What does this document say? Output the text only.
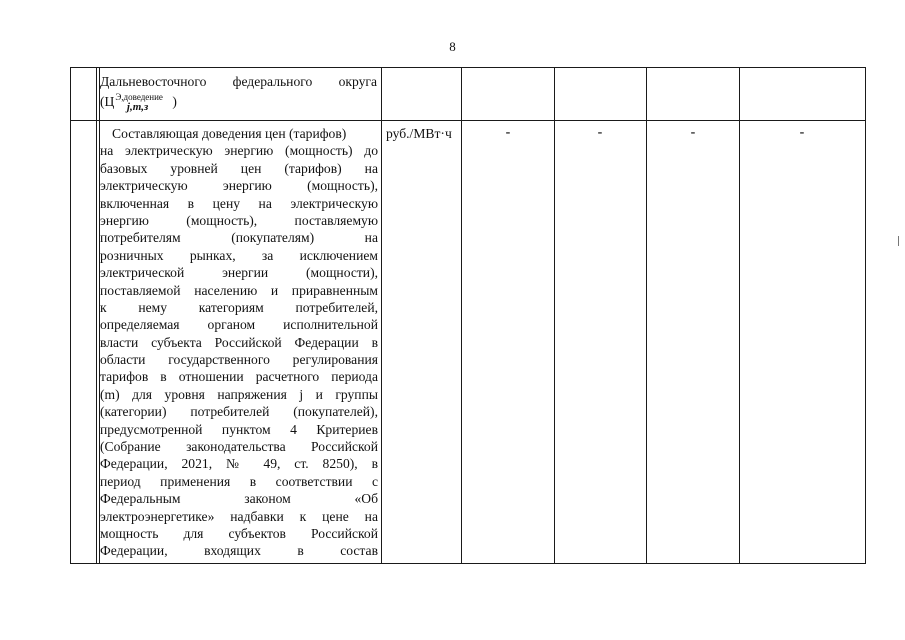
8
Дальневосточного федерального округа
($Ц^{Э,доведение}_{j,m,з}$ )
Составляющая доведения цен (тарифов)
на электрическую энергию (мощность) до
базовых уровней цен (тарифов) на
электрическую энергию (мощность),
включенная в цену на электрическую
энергию (мощность), поставляемую
потребителям (покупателям) на
розничных рынках, за исключением
электрической энергии (мощности),
поставляемой населению и приравненным
к нему категориям потребителей,
определяемая органом исполнительной
власти субъекта Российской Федерации в
области государственного регулирования
тарифов в отношении расчетного периода
(m) для уровня напряжения j и группы
(категории) потребителей (покупателей),
предусмотренной пунктом 4 Критериев
(Собрание законодательства Российской
Федерации, 2021, № 49, ст. 8250), в
период применения в соответствии с
Федеральным законом «Об
электроэнергетике» надбавки к цене на
мощность для субъектов Российской
Федерации, входящих в состав
руб./МВт·ч	-	-	-	-
